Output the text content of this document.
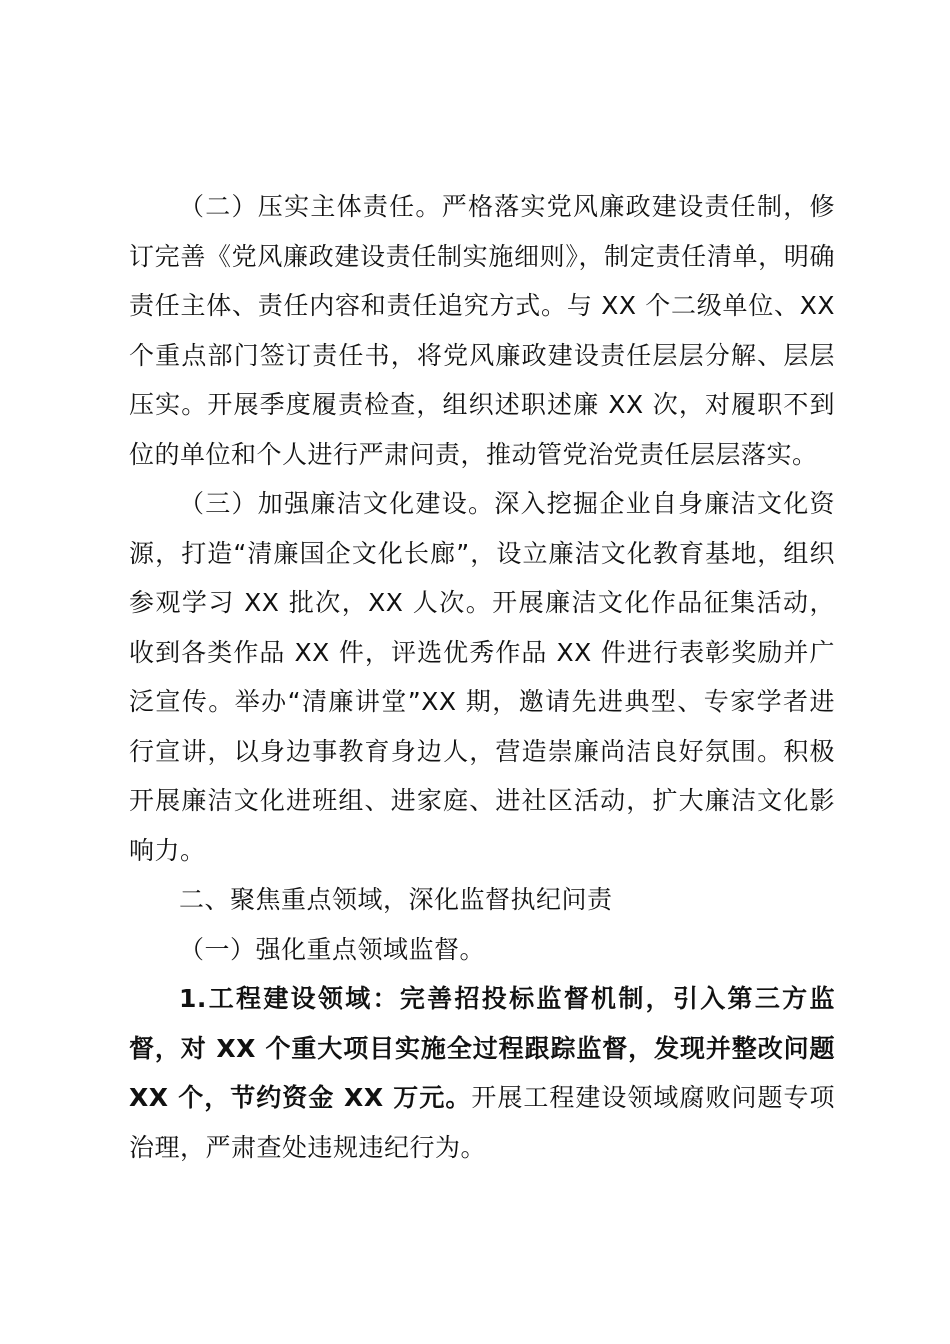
（二）压实主体责任。严格落实党风廉政建设责任制，修订完善《党风廉政建设责任制实施细则》，制定责任清单，明确责任主体、责任内容和责任追究方式。与 XX 个二级单位、XX 个重点部门签订责任书，将党风廉政建设责任层层分解、层层压实。开展季度履责检查，组织述职述廉 XX 次，对履职不到位的单位和个人进行严肃问责，推动管党治党责任层层落实。

（三）加强廉洁文化建设。深入挖掘企业自身廉洁文化资源，打造“清廉国企文化长廊”，设立廉洁文化教育基地，组织参观学习 XX 批次，XX 人次。开展廉洁文化作品征集活动，收到各类作品 XX 件，评选优秀作品 XX 件进行表彰奖励并广泛宣传。举办“清廉讲堂”XX 期，邀请先进典型、专家学者进行宣讲，以身边事教育身边人，营造崇廉尚洁良好氛围。积极开展廉洁文化进班组、进家庭、进社区活动，扩大廉洁文化影响力。

二、聚焦重点领域，深化监督执纪问责

（一）强化重点领域监督。

1.工程建设领域：完善招投标监督机制，引入第三方监督，对 XX 个重大项目实施全过程跟踪监督，发现并整改问题 XX 个，节约资金 XX 万元。开展工程建设领域腐败问题专项治理，严肃查处违规违纪行为。
